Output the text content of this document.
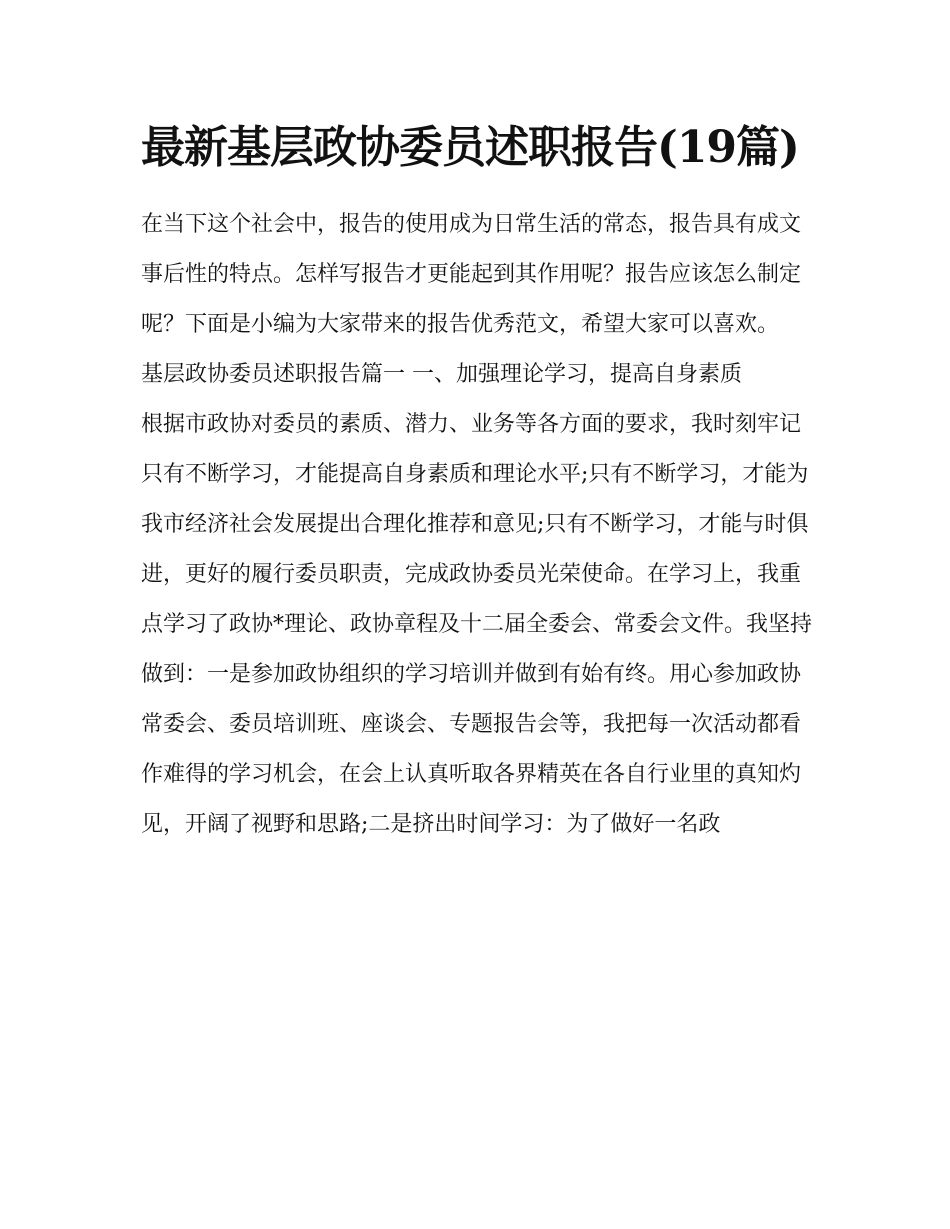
最新基层政协委员述职报告(19篇)

在当下这个社会中，报告的使用成为日常生活的常态，报告具有成文事后性的特点。怎样写报告才更能起到其作用呢？报告应该怎么制定呢？下面是小编为大家带来的报告优秀范文，希望大家可以喜欢。

基层政协委员述职报告篇一 一、加强理论学习，提高自身素质

根据市政协对委员的素质、潜力、业务等各方面的要求，我时刻牢记只有不断学习，才能提高自身素质和理论水平;只有不断学习，才能为我市经济社会发展提出合理化推荐和意见;只有不断学习，才能与时俱进，更好的履行委员职责，完成政协委员光荣使命。在学习上，我重点学习了政协*理论、政协章程及十二届全委会、常委会文件。我坚持做到：一是参加政协组织的学习培训并做到有始有终。用心参加政协常委会、委员培训班、座谈会、专题报告会等，我把每一次活动都看作难得的学习机会，在会上认真听取各界精英在各自行业里的真知灼见，开阔了视野和思路;二是挤出时间学习：为了做好一名政
